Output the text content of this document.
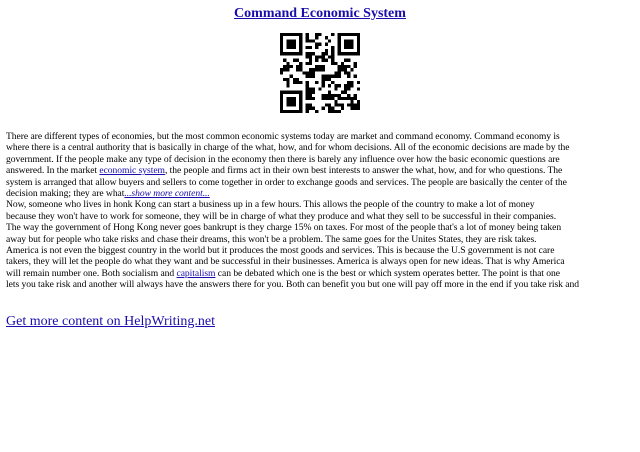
Command Economic System

There are different types of economies, but the most common economic systems today are market and command economy. Command economy is

where there is a central authority that is basically in charge of the what, how, and for whom decisions. All of the economic decisions are made by the

government. If the people make any type of decision in the economy then there is barely any influence over how the basic economic questions are

answered. In the market economic system, the people and firms act in their own best interests to answer the what, how, and for who questions. The

system is arranged that allow buyers and sellers to come together in order to exchange goods and services. The people are basically the center of the

decision making; they are what...show more content...

Now, someone who lives in honk Kong can start a business up in a few hours. This allows the people of the country to make a lot of money

because they won't have to work for someone, they will be in charge of what they produce and what they sell to be successful in their companies.

The way the government of Hong Kong never goes bankrupt is they charge 15% on taxes. For most of the people that's a lot of money being taken

away but for people who take risks and chase their dreams, this won't be a problem. The same goes for the Unites States, they are risk takes.

America is not even the biggest country in the world but it produces the most goods and services. This is because the U.S government is not care

takers, they will let the people do what they want and be successful in their businesses. America is always open for new ideas. That is why America

will remain number one. Both socialism and capitalism can be debated which one is the best or which system operates better. The point is that one

lets you take risk and another will always have the answers there for you. Both can benefit you but one will pay off more in the end if you take risk and

Get more content on HelpWriting.net
